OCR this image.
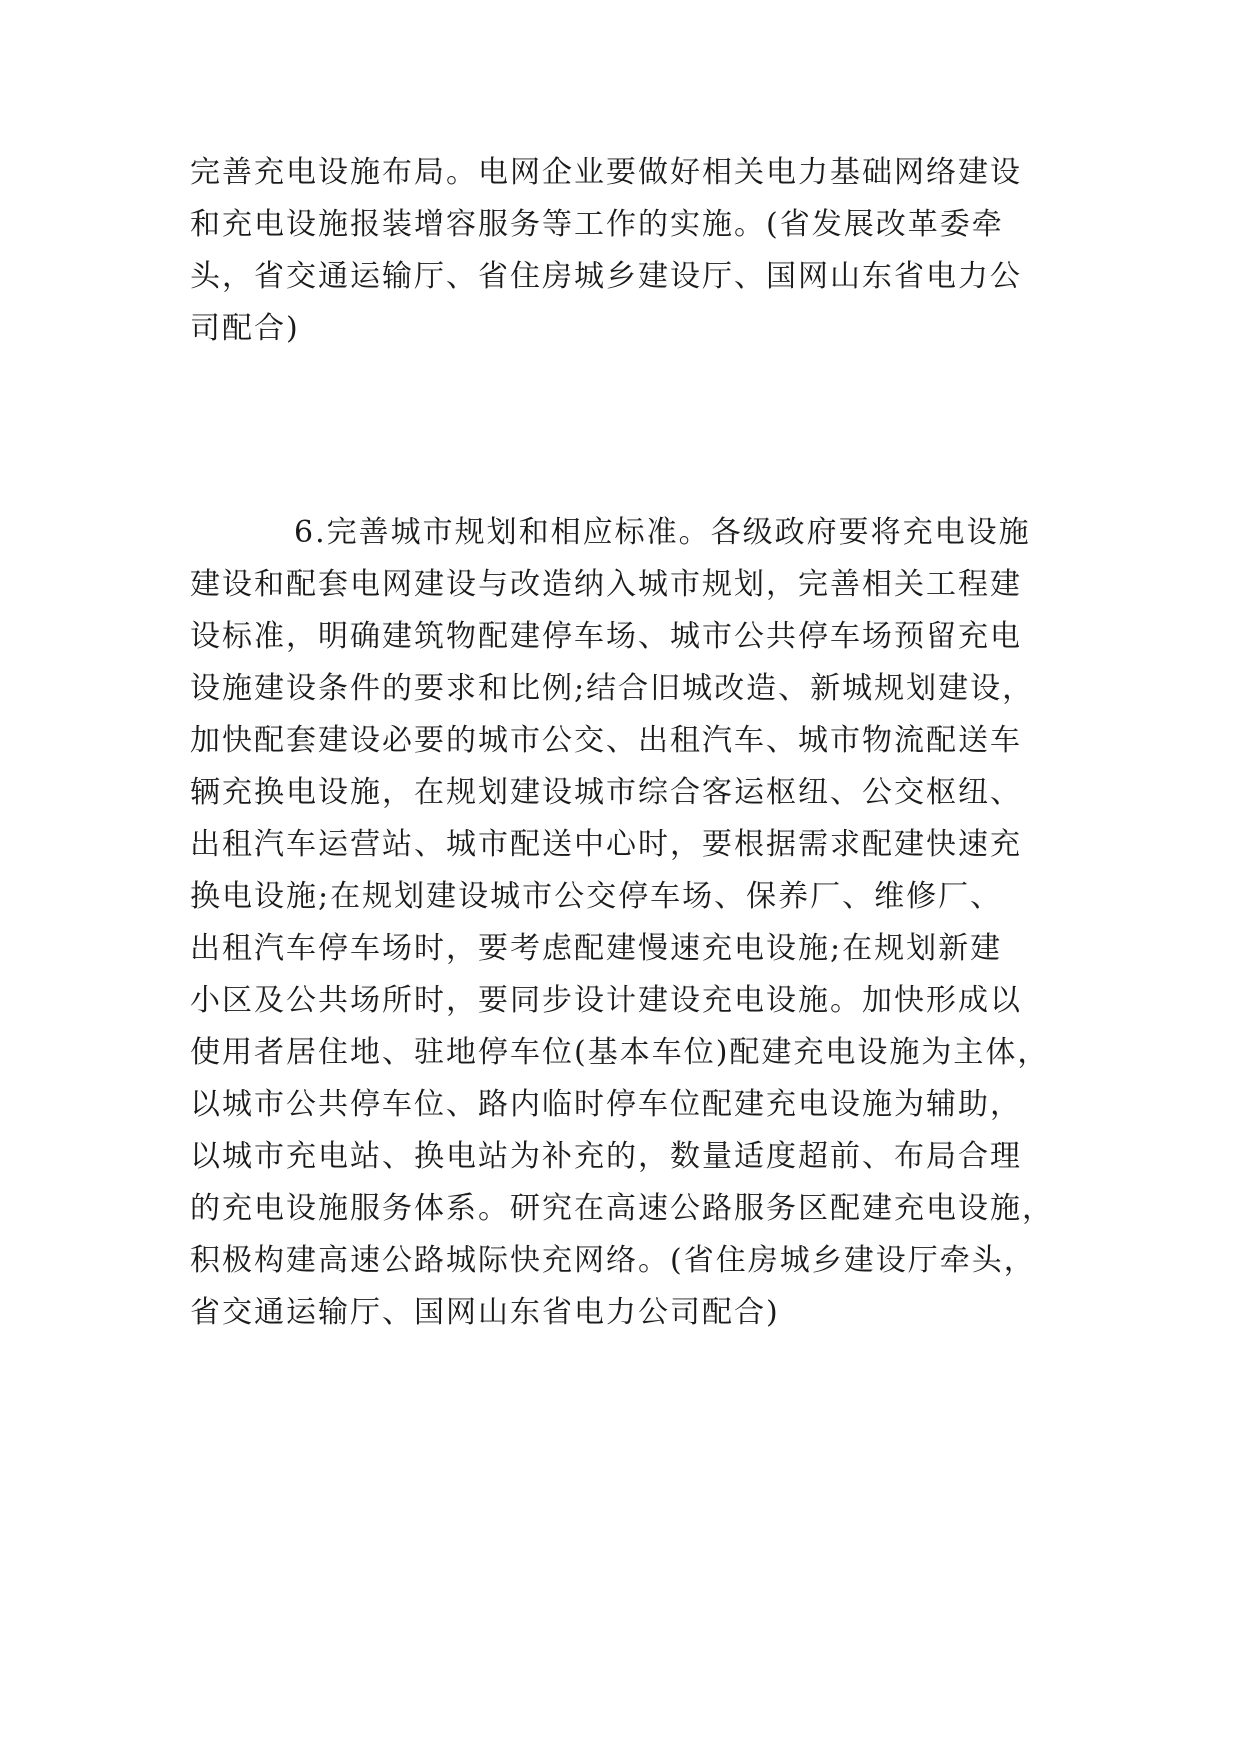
完善充电设施布局。电网企业要做好相关电力基础网络建设
和充电设施报装增容服务等工作的实施。(省发展改革委牵
头，省交通运输厅、省住房城乡建设厅、国网山东省电力公
司配合)
6.完善城市规划和相应标准。各级政府要将充电设施
建设和配套电网建设与改造纳入城市规划，完善相关工程建
设标准，明确建筑物配建停车场、城市公共停车场预留充电
设施建设条件的要求和比例;结合旧城改造、新城规划建设，
加快配套建设必要的城市公交、出租汽车、城市物流配送车
辆充换电设施，在规划建设城市综合客运枢纽、公交枢纽、
出租汽车运营站、城市配送中心时，要根据需求配建快速充
换电设施;在规划建设城市公交停车场、保养厂、维修厂、
出租汽车停车场时，要考虑配建慢速充电设施;在规划新建
小区及公共场所时，要同步设计建设充电设施。加快形成以
使用者居住地、驻地停车位(基本车位)配建充电设施为主体，
以城市公共停车位、路内临时停车位配建充电设施为辅助，
以城市充电站、换电站为补充的，数量适度超前、布局合理
的充电设施服务体系。研究在高速公路服务区配建充电设施，
积极构建高速公路城际快充网络。(省住房城乡建设厅牵头，
省交通运输厅、国网山东省电力公司配合)
